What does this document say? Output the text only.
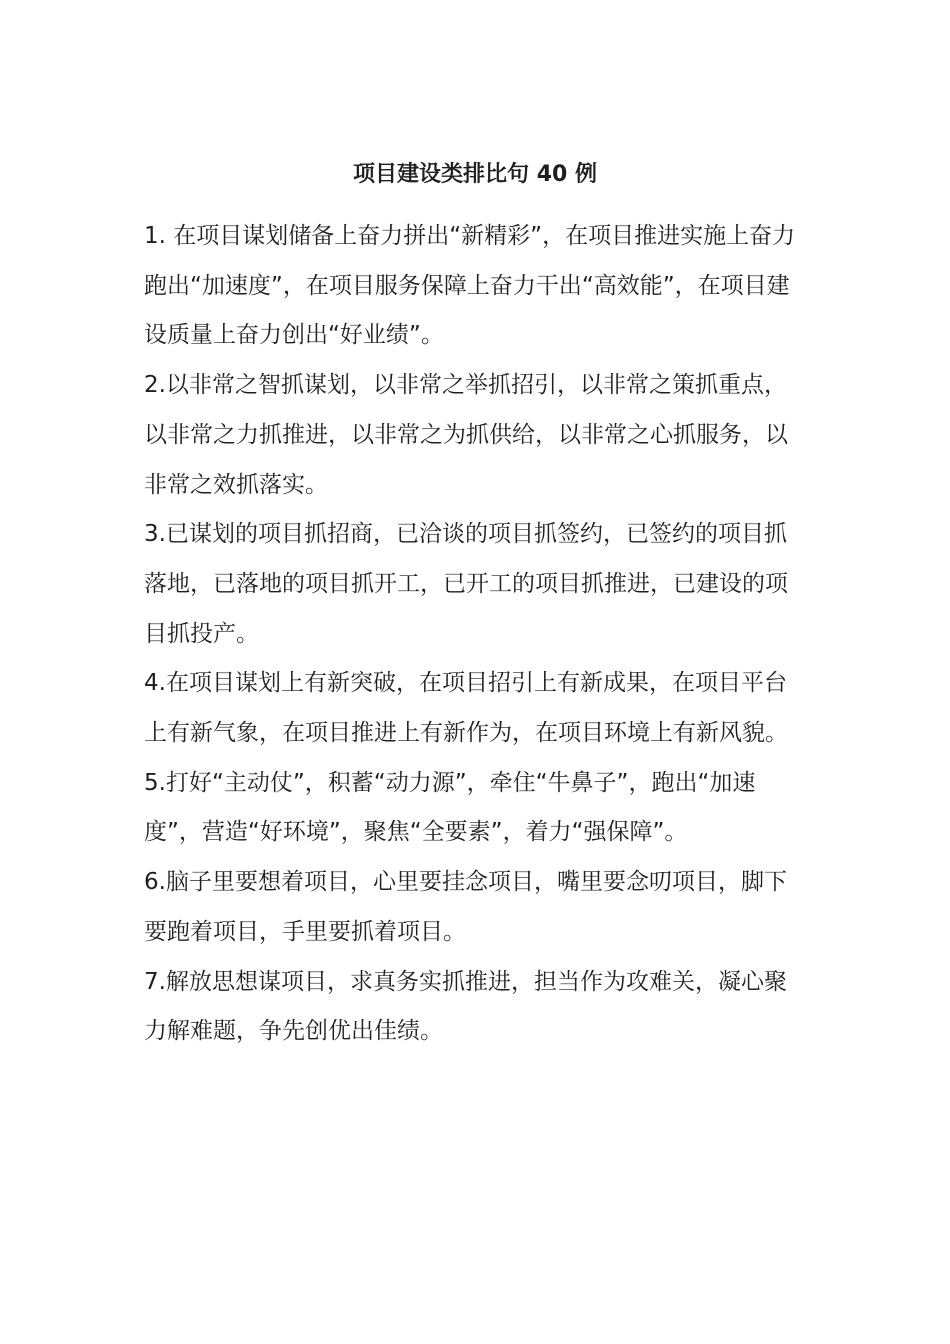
项目建设类排比句 40 例

1. 在项目谋划储备上奋力拼出“新精彩”，在项目推进实施上奋力跑出“加速度”，在项目服务保障上奋力干出“高效能”，在项目建设质量上奋力创出“好业绩”。

2.以非常之智抓谋划，以非常之举抓招引，以非常之策抓重点，以非常之力抓推进，以非常之为抓供给，以非常之心抓服务，以非常之效抓落实。

3.已谋划的项目抓招商，已洽谈的项目抓签约，已签约的项目抓落地，已落地的项目抓开工，已开工的项目抓推进，已建设的项目抓投产。

4.在项目谋划上有新突破，在项目招引上有新成果，在项目平台上有新气象，在项目推进上有新作为，在项目环境上有新风貌。

5.打好“主动仗”，积蓄“动力源”，牵住“牛鼻子”，跑出“加速度”，营造“好环境”，聚焦“全要素”，着力“强保障”。

6.脑子里要想着项目，心里要挂念项目，嘴里要念叨项目，脚下要跑着项目，手里要抓着项目。

7.解放思想谋项目，求真务实抓推进，担当作为攻难关，凝心聚力解难题，争先创优出佳绩。
